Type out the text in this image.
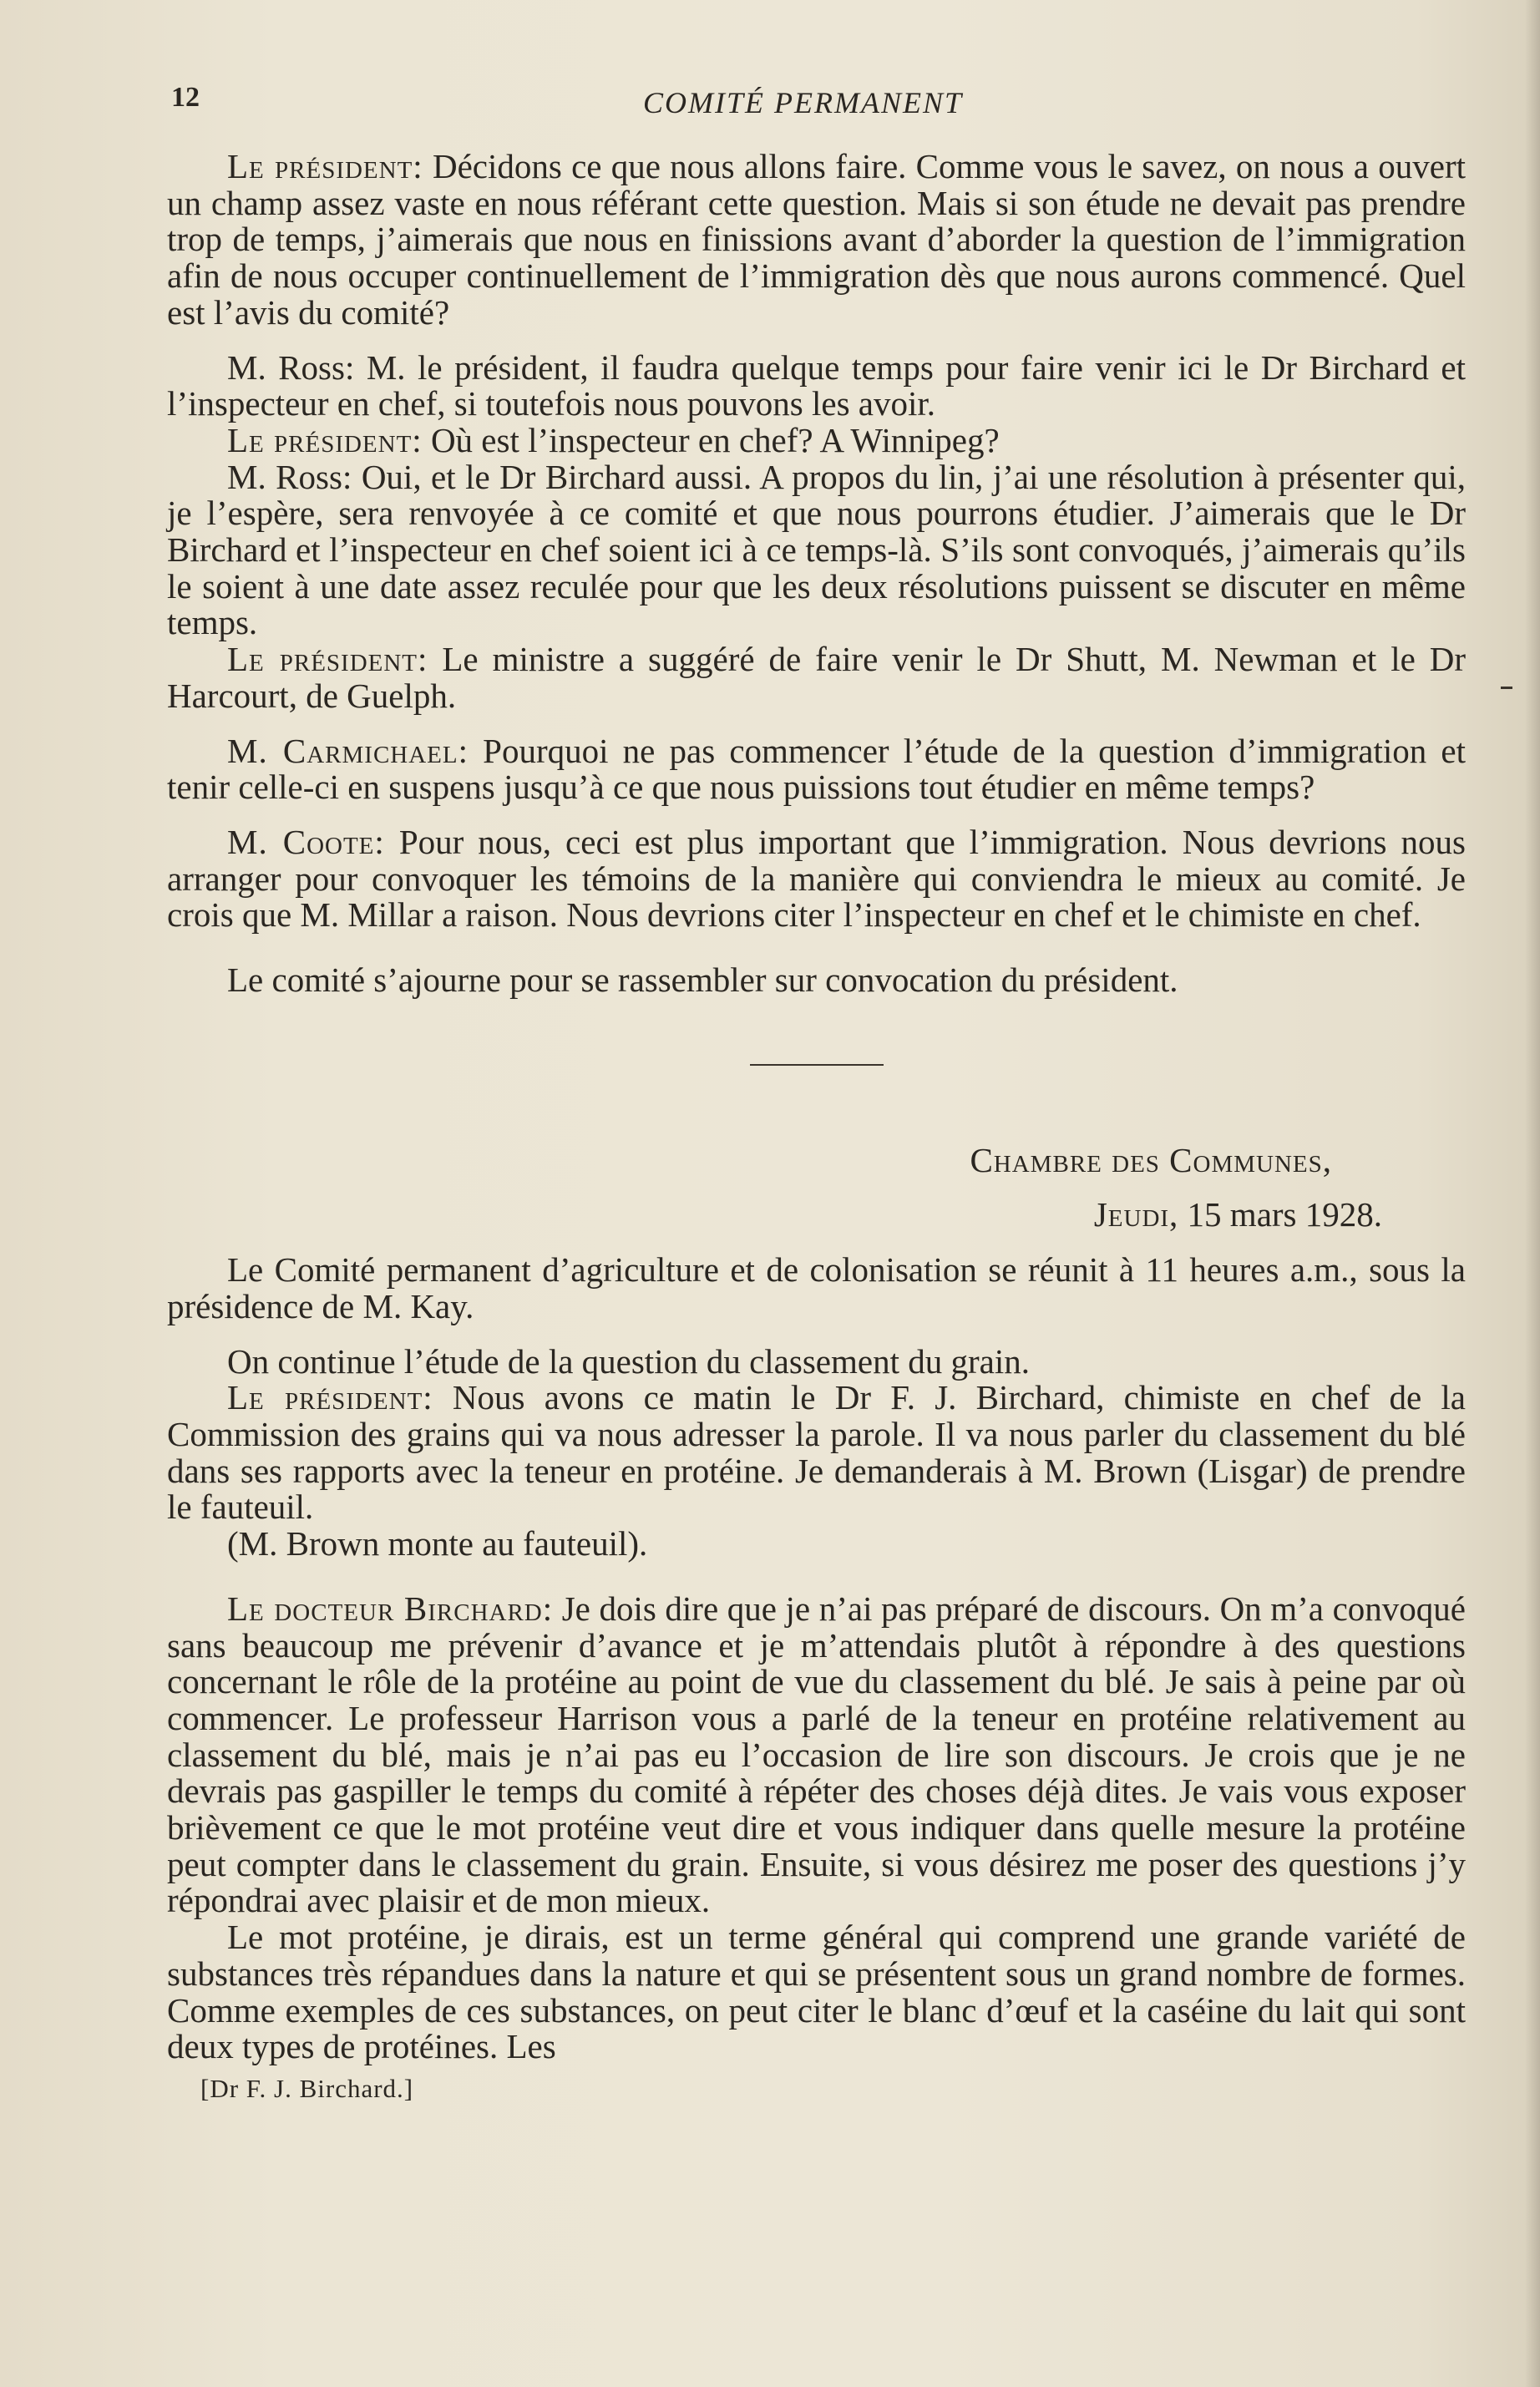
12	COMITÉ PERMANENT

Le président: Décidons ce que nous allons faire. Comme vous le savez, on nous a ouvert un champ assez vaste en nous référant cette question. Mais si son étude ne devait pas prendre trop de temps, j’aimerais que nous en finissions avant d’aborder la question de l’immigration afin de nous occuper continuellement de l’immigration dès que nous aurons commencé. Quel est l’avis du comité?

M. Ross: M. le président, il faudra quelque temps pour faire venir ici le Dr Birchard et l’inspecteur en chef, si toutefois nous pouvons les avoir.

Le président: Où est l’inspecteur en chef? A Winnipeg?

M. Ross: Oui, et le Dr Birchard aussi. A propos du lin, j’ai une résolution à présenter qui, je l’espère, sera renvoyée à ce comité et que nous pourrons étudier. J’aimerais que le Dr Birchard et l’inspecteur en chef soient ici à ce temps-là. S’ils sont convoqués, j’aimerais qu’ils le soient à une date assez reculée pour que les deux résolutions puissent se discuter en même temps.

Le président: Le ministre a suggéré de faire venir le Dr Shutt, M. Newman et le Dr Harcourt, de Guelph.

M. Carmichael: Pourquoi ne pas commencer l’étude de la question d’immigration et tenir celle-ci en suspens jusqu’à ce que nous puissions tout étudier en même temps?

M. Coote: Pour nous, ceci est plus important que l’immigration. Nous devrions nous arranger pour convoquer les témoins de la manière qui conviendra le mieux au comité. Je crois que M. Millar a raison. Nous devrions citer l’inspecteur en chef et le chimiste en chef.

Le comité s’ajourne pour se rassembler sur convocation du président.

Chambre des Communes,

Jeudi, 15 mars 1928.

Le Comité permanent d’agriculture et de colonisation se réunit à 11 heures a.m., sous la présidence de M. Kay.

On continue l’étude de la question du classement du grain.

Le président: Nous avons ce matin le Dr F. J. Birchard, chimiste en chef de la Commission des grains qui va nous adresser la parole. Il va nous parler du classement du blé dans ses rapports avec la teneur en protéine. Je demanderais à M. Brown (Lisgar) de prendre le fauteuil.

(M. Brown monte au fauteuil).

Le docteur Birchard: Je dois dire que je n’ai pas préparé de discours. On m’a convoqué sans beaucoup me prévenir d’avance et je m’attendais plutôt à répondre à des questions concernant le rôle de la protéine au point de vue du classement du blé. Je sais à peine par où commencer. Le professeur Harrison vous a parlé de la teneur en protéine relativement au classement du blé, mais je n’ai pas eu l’occasion de lire son discours. Je crois que je ne devrais pas gaspiller le temps du comité à répéter des choses déjà dites. Je vais vous exposer brièvement ce que le mot protéine veut dire et vous indiquer dans quelle mesure la protéine peut compter dans le classement du grain. Ensuite, si vous désirez me poser des questions j’y répondrai avec plaisir et de mon mieux.

Le mot protéine, je dirais, est un terme général qui comprend une grande variété de substances très répandues dans la nature et qui se présentent sous un grand nombre de formes. Comme exemples de ces substances, on peut citer le blanc d’œuf et la caséine du lait qui sont deux types de protéines. Les

[Dr F. J. Birchard.]
